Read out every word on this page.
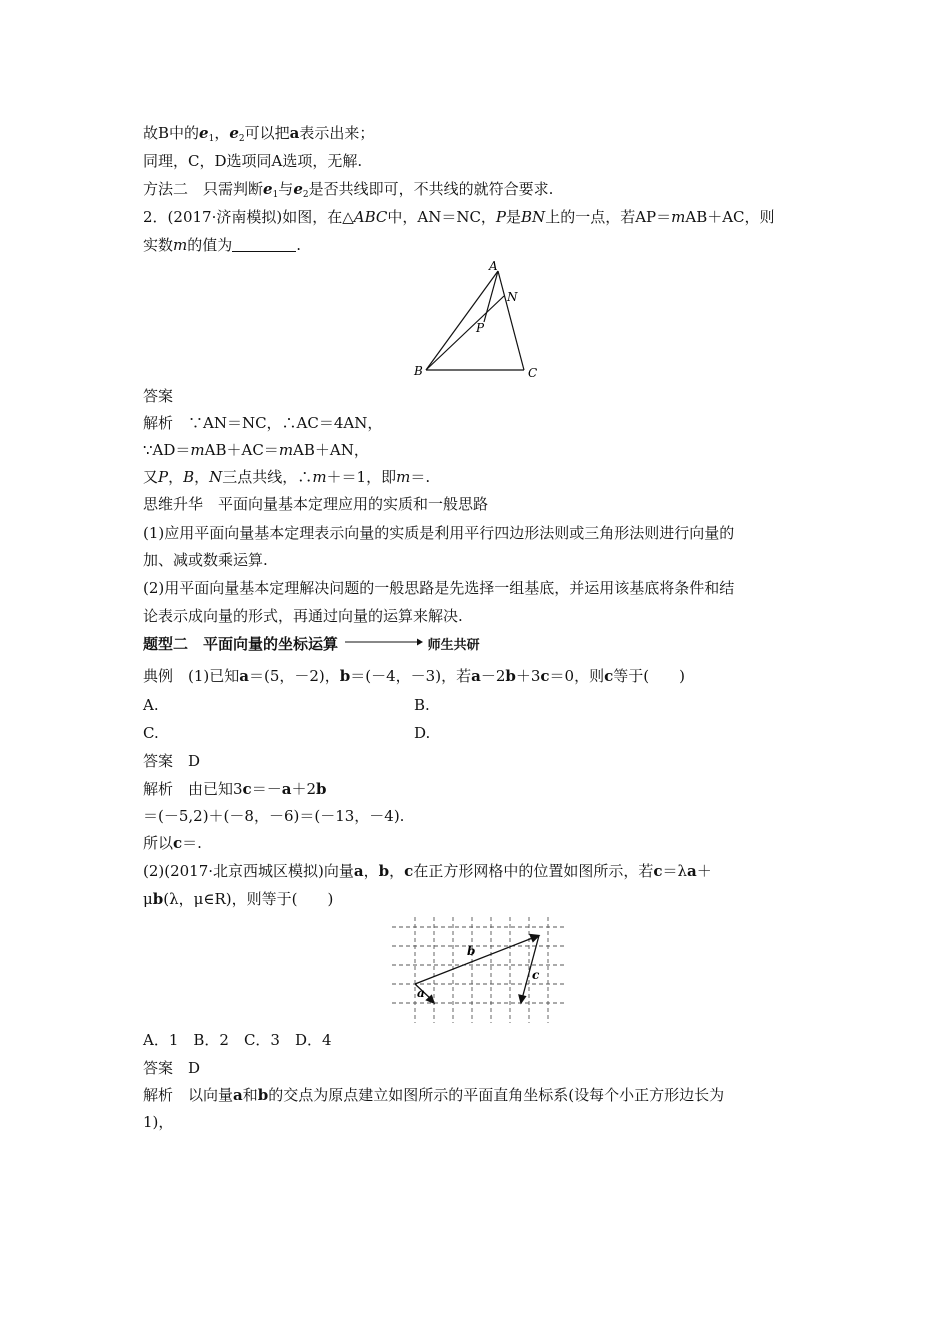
故B中的$e_1$，$e_2$可以把a表示出来；
同理，C，D选项同A选项，无解.
方法二　只需判断$e_1$与$e_2$是否共线即可，不共线的就符合要求.
2．(2017·济南模拟)如图，在△ABC中，AN＝NC，P是BN上的一点，若AP＝mAB＋AC，则
实数m的值为	.
A
N
P
B	C
答案
解析　∵AN＝NC，∴AC＝4AN，
∵AD＝mAB＋AC＝mAB＋AN，
又P，B，N三点共线，∴m＋＝1，即m＝.
思维升华　平面向量基本定理应用的实质和一般思路
(1)应用平面向量基本定理表示向量的实质是利用平行四边形法则或三角形法则进行向量的
加、减或数乘运算.
(2)用平面向量基本定理解决问题的一般思路是先选择一组基底，并运用该基底将条件和结
论表示成向量的形式，再通过向量的运算来解决.
题型二　平面向量的坐标运算	师生共研
典例　(1)已知a＝(5，－2)，b＝(－4，－3)，若a－2b＋3c＝0，则c等于(　　)
A.	B.
C.	D.
答案　D
解析　由已知3c＝－a＋2b
＝(－5,2)＋(－8，－6)＝(－13，－4).
所以c＝.
(2)(2017·北京西城区模拟)向量a，b，c在正方形网格中的位置如图所示，若c＝λa＋
μb(λ，μ∈R)，则等于(　　)
a
b
c
A．1　B．2　C．3　D．4
答案　D
解析　以向量a和b的交点为原点建立如图所示的平面直角坐标系(设每个小正方形边长为
1)，
